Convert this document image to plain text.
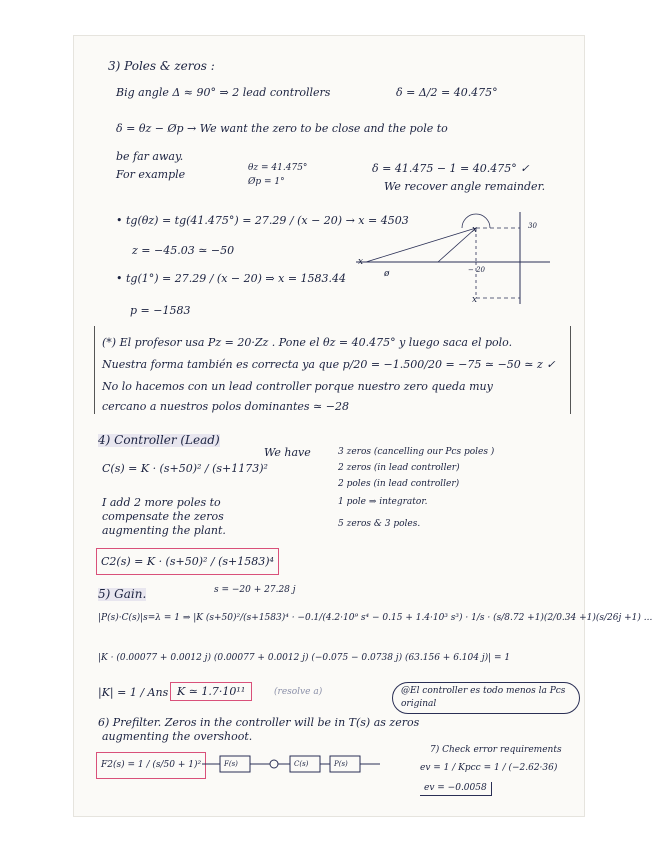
3) Poles & zeros :
Big angle Δ ≈ 90° ⇒ 2 lead controllers	δ = Δ/2 = 40.475°
δ = θz − Øp → We want the zero to be close and the pole to
be far away.
For example	θz = 41.475°
Øp = 1°
δ = 41.475 − 1 = 40.475° ✓
We recover angle remainder.
• tg(θz) = tg(41.475°) = 27.29 / (x − 20) → x = 4503
z = −45.03 ≃ −50
• tg(1°) = 27.29 / (x − 20) ⇒ x = 1583.44
p = −1583
x
x
30
− 20
x
ø
(*) El profesor usa Pz = 20·Zz . Pone el θz = 40.475° y luego saca el polo.
Nuestra forma también es correcta ya que p/20 = −1.500/20 = −75 ≃ −50 ≃ z ✓
No lo hacemos con un lead controller porque nuestro zero queda muy
cercano a nuestros polos dominantes ≃ −28
4) Controller (Lead)
C(s) = K · (s+50)² / (s+1173)²
We have	3 zeros (cancelling our Pcs poles )
2 zeros (in lead controller)
2 poles (in lead controller)
1 pole ⇒ integrator.
5 zeros & 3 poles.
I add 2 more poles to
compensate the zeros
augmenting the plant.
C2(s) = K · (s+50)² / (s+1583)⁴
5) Gain.	s = −20 + 27.28 j
|P(s)·C(s)|s=λ = 1 ⇒ |K (s+50)²/(s+1583)⁴ · −0.1/(4.2·10⁹ s⁴ − 0.15 + 1.4·10³ s³) · 1/s · (s/8.72 +1)(2/0.34 +1)(s/26j +1) ...
|K · (0.00077 + 0.0012 j) (0.00077 + 0.0012 j) (−0.075 − 0.0738 j) (63.156 + 6.104 j)| = 1
|K| = 1 / Ans K ≃ 1.7·10¹¹	(resolve a)	@El controller es todo menos la Pcs original
6) Prefilter. Zeros in the controller will be in T(s) as zeros
augmenting the overshoot.
F2(s) = 1 / (s/50 + 1)²	F(s)	C(s)	P(s)
7) Check error requirements
ev = 1 / Kpcc = 1 / (−2.62·36)
ev = −0.0058
